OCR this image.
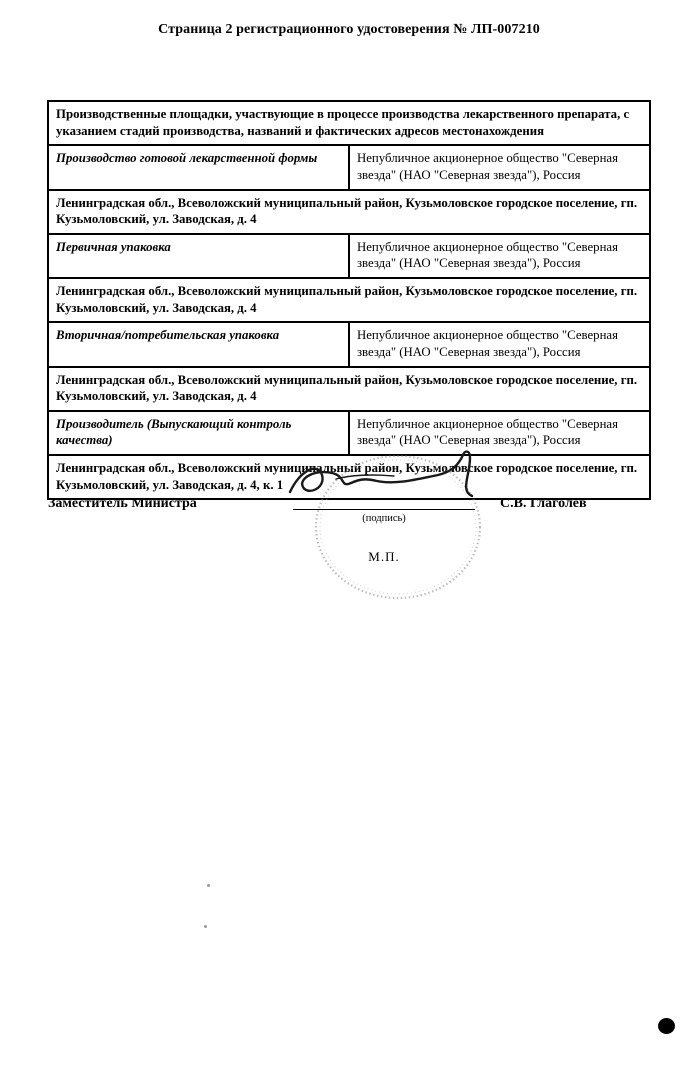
Страница 2 регистрационного удостоверения № ЛП-007210
Производственные площадки, участвующие в процессе производства лекарственного препарата, с указанием стадий производства, названий и фактических адресов местонахождения	
Производство готовой лекарственной формы	Непубличное акционерное общество "Северная звезда" (НАО "Северная звезда"), Россия
Ленинградская обл., Всеволожский муниципальный район, Кузьмоловское городское поселение, гп. Кузьмоловский, ул. Заводская, д. 4	
Первичная упаковка	Непубличное акционерное общество "Северная звезда" (НАО "Северная звезда"), Россия
Ленинградская обл., Всеволожский муниципальный район, Кузьмоловское городское поселение, гп. Кузьмоловский, ул. Заводская, д. 4	
Вторичная/потребительская упаковка	Непубличное акционерное общество "Северная звезда" (НАО "Северная звезда"), Россия
Ленинградская обл., Всеволожский муниципальный район, Кузьмоловское городское поселение, гп. Кузьмоловский, ул. Заводская, д. 4	
Производитель (Выпускающий контроль качества)	Непубличное акционерное общество "Северная звезда" (НАО "Северная звезда"), Россия
Ленинградская обл., Всеволожский муниципальный район, Кузьмоловское городское поселение, гп. Кузьмоловский, ул. Заводская, д. 4, к. 1	
Заместитель Министра
(подпись)
С.В. Глаголев
М.П.
